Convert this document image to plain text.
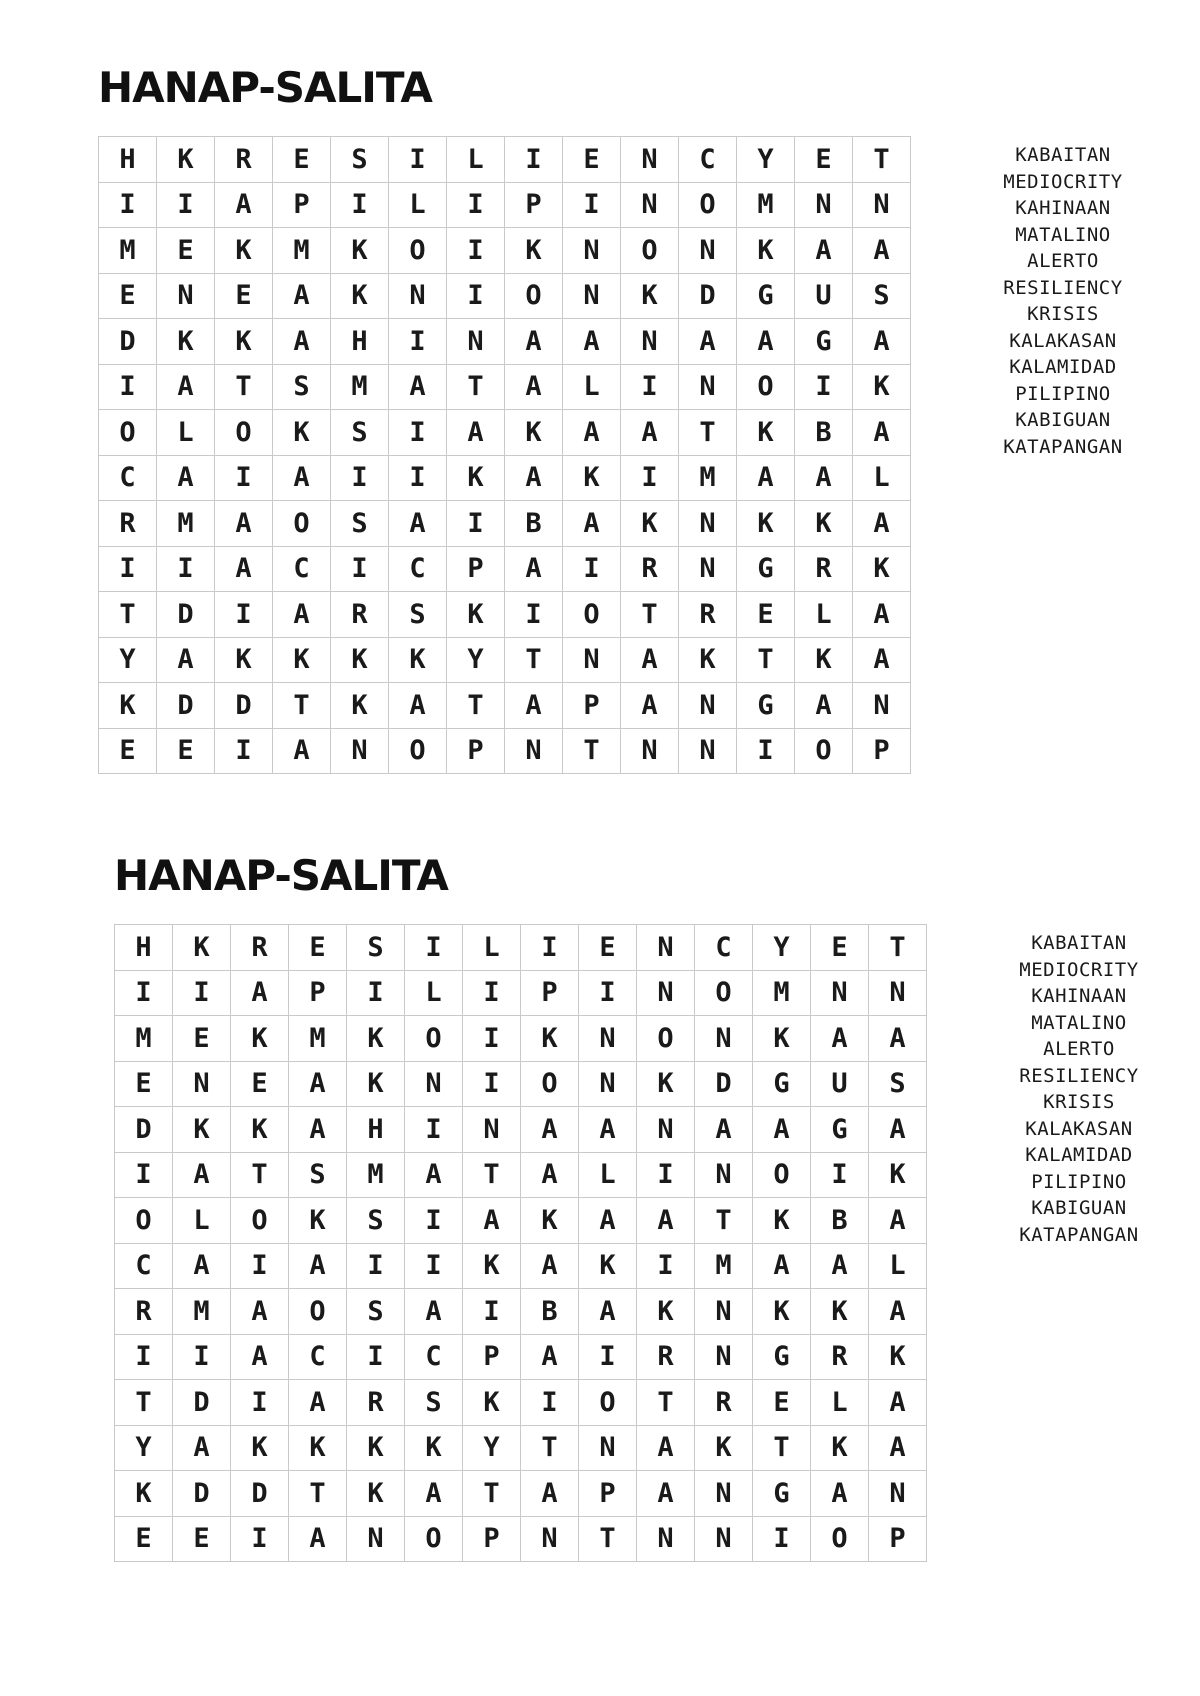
HANAP-SALITA
H	K	R	E	S	I	L	I	E	N	C	Y	E	T
I	I	A	P	I	L	I	P	I	N	O	M	N	N
M	E	K	M	K	O	I	K	N	O	N	K	A	A
E	N	E	A	K	N	I	O	N	K	D	G	U	S
D	K	K	A	H	I	N	A	A	N	A	A	G	A
I	A	T	S	M	A	T	A	L	I	N	O	I	K
O	L	O	K	S	I	A	K	A	A	T	K	B	A
C	A	I	A	I	I	K	A	K	I	M	A	A	L
R	M	A	O	S	A	I	B	A	K	N	K	K	A
I	I	A	C	I	C	P	A	I	R	N	G	R	K
T	D	I	A	R	S	K	I	O	T	R	E	L	A
Y	A	K	K	K	K	Y	T	N	A	K	T	K	A
K	D	D	T	K	A	T	A	P	A	N	G	A	N
E	E	I	A	N	O	P	N	T	N	N	I	O	P
KABAITAN
MEDIOCRITY
KAHINAAN
MATALINO
ALERTO
RESILIENCY
KRISIS
KALAKASAN
KALAMIDAD
PILIPINO
KABIGUAN
KATAPANGAN
HANAP-SALITA
H	K	R	E	S	I	L	I	E	N	C	Y	E	T
I	I	A	P	I	L	I	P	I	N	O	M	N	N
M	E	K	M	K	O	I	K	N	O	N	K	A	A
E	N	E	A	K	N	I	O	N	K	D	G	U	S
D	K	K	A	H	I	N	A	A	N	A	A	G	A
I	A	T	S	M	A	T	A	L	I	N	O	I	K
O	L	O	K	S	I	A	K	A	A	T	K	B	A
C	A	I	A	I	I	K	A	K	I	M	A	A	L
R	M	A	O	S	A	I	B	A	K	N	K	K	A
I	I	A	C	I	C	P	A	I	R	N	G	R	K
T	D	I	A	R	S	K	I	O	T	R	E	L	A
Y	A	K	K	K	K	Y	T	N	A	K	T	K	A
K	D	D	T	K	A	T	A	P	A	N	G	A	N
E	E	I	A	N	O	P	N	T	N	N	I	O	P
KABAITAN
MEDIOCRITY
KAHINAAN
MATALINO
ALERTO
RESILIENCY
KRISIS
KALAKASAN
KALAMIDAD
PILIPINO
KABIGUAN
KATAPANGAN
